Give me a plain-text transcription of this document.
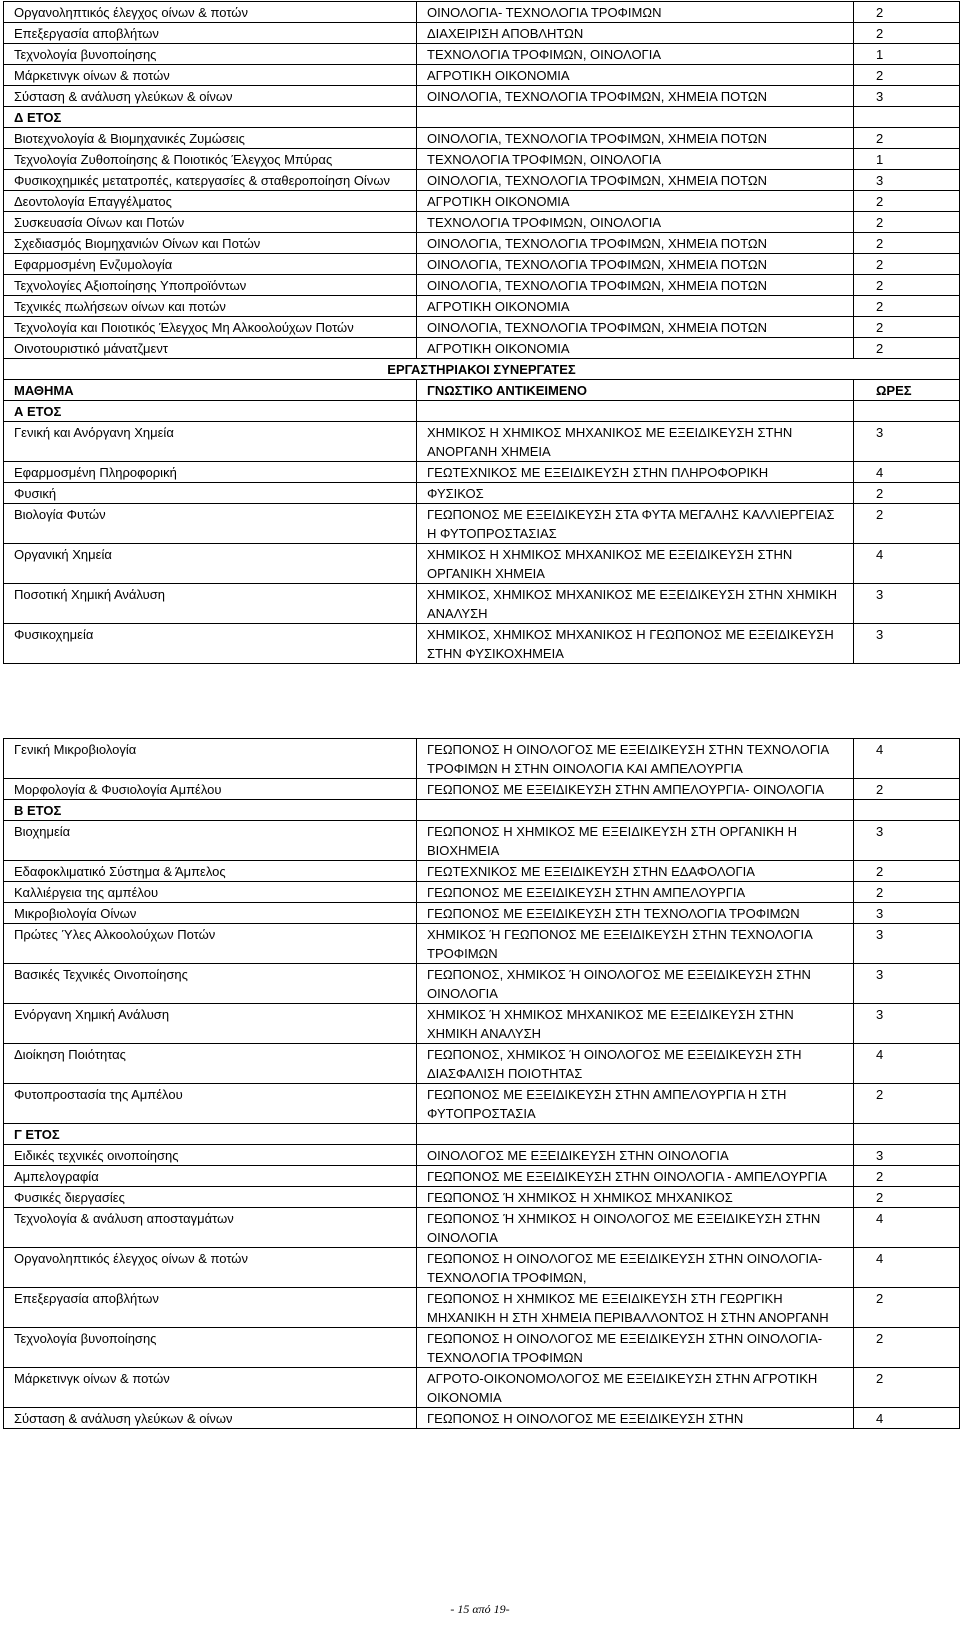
Οργανοληπτικός έλεγχος οίνων & ποτών	ΟΙΝΟΛΟΓΙΑ- ΤΕΧΝΟΛΟΓΙΑ ΤΡΟΦΙΜΩΝ	2
Επεξεργασία αποβλήτων	ΔΙΑΧΕΙΡΙΣΗ ΑΠΟΒΛΗΤΩΝ	2
Τεχνολογία βυνοποίησης	ΤΕΧΝΟΛΟΓΙΑ ΤΡΟΦΙΜΩΝ, ΟΙΝΟΛΟΓΙΑ	1
Μάρκετινγκ οίνων & ποτών	ΑΓΡΟΤΙΚΗ ΟΙΚΟΝΟΜΙΑ	2
Σύσταση & ανάλυση γλεύκων & οίνων	ΟΙΝΟΛΟΓΙΑ, ΤΕΧΝΟΛΟΓΙΑ ΤΡΟΦΙΜΩΝ, ΧΗΜΕΙΑ ΠΟΤΩΝ	3
Δ ΕΤΟΣ		
Βιοτεχνολογία & Βιομηχανικές Ζυμώσεις	ΟΙΝΟΛΟΓΙΑ, ΤΕΧΝΟΛΟΓΙΑ ΤΡΟΦΙΜΩΝ, ΧΗΜΕΙΑ ΠΟΤΩΝ	2
Τεχνολογία Ζυθοποίησης & Ποιοτικός Έλεγχος Μπύρας	ΤΕΧΝΟΛΟΓΙΑ ΤΡΟΦΙΜΩΝ, ΟΙΝΟΛΟΓΙΑ	1
Φυσικοχημικές μετατροπές, κατεργασίες & σταθεροποίηση Οίνων	ΟΙΝΟΛΟΓΙΑ, ΤΕΧΝΟΛΟΓΙΑ ΤΡΟΦΙΜΩΝ, ΧΗΜΕΙΑ ΠΟΤΩΝ	3
Δεοντολογία Επαγγέλματος	ΑΓΡΟΤΙΚΗ ΟΙΚΟΝΟΜΙΑ	2
Συσκευασία Οίνων και Ποτών	ΤΕΧΝΟΛΟΓΙΑ ΤΡΟΦΙΜΩΝ, ΟΙΝΟΛΟΓΙΑ	2
Σχεδιασμός Βιομηχανιών Οίνων και Ποτών	ΟΙΝΟΛΟΓΙΑ, ΤΕΧΝΟΛΟΓΙΑ ΤΡΟΦΙΜΩΝ, ΧΗΜΕΙΑ ΠΟΤΩΝ	2
Εφαρμοσμένη Ενζυμολογία	ΟΙΝΟΛΟΓΙΑ, ΤΕΧΝΟΛΟΓΙΑ ΤΡΟΦΙΜΩΝ, ΧΗΜΕΙΑ ΠΟΤΩΝ	2
Τεχνολογίες Αξιοποίησης Υποπροϊόντων	ΟΙΝΟΛΟΓΙΑ, ΤΕΧΝΟΛΟΓΙΑ ΤΡΟΦΙΜΩΝ, ΧΗΜΕΙΑ ΠΟΤΩΝ	2
Τεχνικές πωλήσεων οίνων και ποτών	ΑΓΡΟΤΙΚΗ ΟΙΚΟΝΟΜΙΑ	2
Τεχνολογία και Ποιοτικός Έλεγχος Μη Αλκοολούχων Ποτών	ΟΙΝΟΛΟΓΙΑ, ΤΕΧΝΟΛΟΓΙΑ ΤΡΟΦΙΜΩΝ, ΧΗΜΕΙΑ ΠΟΤΩΝ	2
Οινοτουριστικό μάνατζμεντ	ΑΓΡΟΤΙΚΗ ΟΙΚΟΝΟΜΙΑ	2
ΕΡΓΑΣΤΗΡΙΑΚΟΙ ΣΥΝΕΡΓΑΤΕΣ		
ΜΑΘΗΜΑ	ΓΝΩΣΤΙΚΟ ΑΝΤΙΚΕΙΜΕΝΟ	ΩΡΕΣ
Α ΕΤΟΣ		
Γενική και Ανόργανη Χημεία	ΧΗΜΙΚΟΣ Η ΧΗΜΙΚΟΣ ΜΗΧΑΝΙΚΟΣ ΜΕ ΕΞΕΙΔΙΚΕΥΣΗ ΣΤΗΝ ΑΝΟΡΓΑΝΗ ΧΗΜΕΙΑ	3
Εφαρμοσμένη Πληροφορική	ΓΕΩΤΕΧΝΙΚΟΣ ΜΕ ΕΞΕΙΔΙΚΕΥΣΗ ΣΤΗΝ ΠΛΗΡΟΦΟΡΙΚΗ	4
Φυσική	ΦΥΣΙΚΟΣ	2
Βιολογία Φυτών	ΓΕΩΠΟΝΟΣ ΜΕ ΕΞΕΙΔΙΚΕΥΣΗ ΣΤΑ ΦΥΤΑ ΜΕΓΑΛΗΣ ΚΑΛΛΙΕΡΓΕΙΑΣ Η ΦΥΤΟΠΡΟΣΤΑΣΙΑΣ	2
Οργανική Χημεία	ΧΗΜΙΚΟΣ Η ΧΗΜΙΚΟΣ ΜΗΧΑΝΙΚΟΣ ΜΕ ΕΞΕΙΔΙΚΕΥΣΗ ΣΤΗΝ ΟΡΓΑΝΙΚΗ ΧΗΜΕΙΑ	4
Ποσοτική Χημική Ανάλυση	ΧΗΜΙΚΟΣ, ΧΗΜΙΚΟΣ ΜΗΧΑΝΙΚΟΣ ΜΕ ΕΞΕΙΔΙΚΕΥΣΗ ΣΤΗΝ ΧΗΜΙΚΗ ΑΝΑΛΥΣΗ	3
Φυσικοχημεία	ΧΗΜΙΚΟΣ, ΧΗΜΙΚΟΣ ΜΗΧΑΝΙΚΟΣ Η ΓΕΩΠΟΝΟΣ ΜΕ ΕΞΕΙΔΙΚΕΥΣΗ ΣΤΗΝ ΦΥΣΙΚΟΧΗΜΕΙΑ	3
Γενική Μικροβιολογία	ΓΕΩΠΟΝΟΣ Η ΟΙΝΟΛΟΓΟΣ ΜΕ ΕΞΕΙΔΙΚΕΥΣΗ ΣΤΗΝ ΤΕΧΝΟΛΟΓΙΑ ΤΡΟΦΙΜΩΝ Η ΣΤΗΝ ΟΙΝΟΛΟΓΙΑ ΚΑΙ ΑΜΠΕΛΟΥΡΓΙΑ	4
Μορφολογία & Φυσιολογία Αμπέλου	ΓΕΩΠΟΝΟΣ ΜΕ ΕΞΕΙΔΙΚΕΥΣΗ ΣΤΗΝ ΑΜΠΕΛΟΥΡΓΙΑ- ΟΙΝΟΛΟΓΙΑ	2
Β ΕΤΟΣ		
Βιοχημεία	ΓΕΩΠΟΝΟΣ Η ΧΗΜΙΚΟΣ ΜΕ ΕΞΕΙΔΙΚΕΥΣΗ ΣΤΗ ΟΡΓΑΝΙΚΗ Η ΒΙΟΧΗΜΕΙΑ	3
Εδαφοκλιματικό Σύστημα & Άμπελος	ΓΕΩΤΕΧΝΙΚΟΣ ΜΕ ΕΞΕΙΔΙΚΕΥΣΗ ΣΤΗΝ ΕΔΑΦΟΛΟΓΙΑ	2
Καλλιέργεια της αμπέλου	ΓΕΩΠΟΝΟΣ ΜΕ ΕΞΕΙΔΙΚΕΥΣΗ ΣΤΗΝ ΑΜΠΕΛΟΥΡΓΙΑ	2
Μικροβιολογία Οίνων	ΓΕΩΠΟΝΟΣ ΜΕ ΕΞΕΙΔΙΚΕΥΣΗ ΣΤΗ ΤΕΧΝΟΛΟΓΙΑ ΤΡΟΦΙΜΩΝ	3
Πρώτες Ύλες Αλκοολούχων Ποτών	ΧΗΜΙΚΟΣ Ή ΓΕΩΠΟΝΟΣ ΜΕ ΕΞΕΙΔΙΚΕΥΣΗ ΣΤΗΝ ΤΕΧΝΟΛΟΓΙΑ ΤΡΟΦΙΜΩΝ	3
Βασικές Τεχνικές Οινοποίησης	ΓΕΩΠΟΝΟΣ, ΧΗΜΙΚΟΣ Ή ΟΙΝΟΛΟΓΟΣ ΜΕ ΕΞΕΙΔΙΚΕΥΣΗ ΣΤΗΝ ΟΙΝΟΛΟΓΙΑ	3
Ενόργανη Χημική Ανάλυση	ΧΗΜΙΚΟΣ Ή ΧΗΜΙΚΟΣ ΜΗΧΑΝΙΚΟΣ ΜΕ ΕΞΕΙΔΙΚΕΥΣΗ ΣΤΗΝ ΧΗΜΙΚΗ ΑΝΑΛΥΣΗ	3
Διοίκηση Ποιότητας	ΓΕΩΠΟΝΟΣ, ΧΗΜΙΚΟΣ Ή ΟΙΝΟΛΟΓΟΣ ΜΕ ΕΞΕΙΔΙΚΕΥΣΗ ΣΤΗ ΔΙΑΣΦΑΛΙΣΗ ΠΟΙΟΤΗΤΑΣ	4
Φυτοπροστασία της Αμπέλου	ΓΕΩΠΟΝΟΣ ΜΕ ΕΞΕΙΔΙΚΕΥΣΗ ΣΤΗΝ ΑΜΠΕΛΟΥΡΓΙΑ Η ΣΤΗ ΦΥΤΟΠΡΟΣΤΑΣΙΑ	2
Γ ΕΤΟΣ		
Ειδικές τεχνικές οινοποίησης	ΟΙΝΟΛΟΓΟΣ ΜΕ ΕΞΕΙΔΙΚΕΥΣΗ ΣΤΗΝ ΟΙΝΟΛΟΓΙΑ	3
Αμπελογραφία	ΓΕΩΠΟΝΟΣ ΜΕ ΕΞΕΙΔΙΚΕΥΣΗ ΣΤΗΝ ΟΙΝΟΛΟΓΙΑ - ΑΜΠΕΛΟΥΡΓΙΑ	2
Φυσικές διεργασίες	ΓΕΩΠΟΝΟΣ Ή ΧΗΜΙΚΟΣ Η ΧΗΜΙΚΟΣ ΜΗΧΑΝΙΚΟΣ	2
Τεχνολογία & ανάλυση αποσταγμάτων	ΓΕΩΠΟΝΟΣ Ή ΧΗΜΙΚΟΣ Η ΟΙΝΟΛΟΓΟΣ ΜΕ ΕΞΕΙΔΙΚΕΥΣΗ ΣΤΗΝ ΟΙΝΟΛΟΓΙΑ	4
Οργανοληπτικός έλεγχος οίνων & ποτών	ΓΕΩΠΟΝΟΣ Η ΟΙΝΟΛΟΓΟΣ ΜΕ ΕΞΕΙΔΙΚΕΥΣΗ ΣΤΗΝ ΟΙΝΟΛΟΓΙΑ- ΤΕΧΝΟΛΟΓΙΑ ΤΡΟΦΙΜΩΝ,	4
Επεξεργασία αποβλήτων	ΓΕΩΠΟΝΟΣ Η ΧΗΜΙΚΟΣ ΜΕ ΕΞΕΙΔΙΚΕΥΣΗ ΣΤΗ ΓΕΩΡΓΙΚΗ ΜΗΧΑΝΙΚΗ Η ΣΤΗ ΧΗΜΕΙΑ ΠΕΡΙΒΑΛΛΟΝΤΟΣ Η ΣΤΗΝ ΑΝΟΡΓΑΝΗ	2
Τεχνολογία βυνοποίησης	ΓΕΩΠΟΝΟΣ Η ΟΙΝΟΛΟΓΟΣ ΜΕ ΕΞΕΙΔΙΚΕΥΣΗ ΣΤΗΝ ΟΙΝΟΛΟΓΙΑ- ΤΕΧΝΟΛΟΓΙΑ ΤΡΟΦΙΜΩΝ	2
Μάρκετινγκ οίνων & ποτών	ΑΓΡΟΤΟ-ΟΙΚΟΝΟΜΟΛΟΓΟΣ ΜΕ ΕΞΕΙΔΙΚΕΥΣΗ ΣΤΗΝ ΑΓΡΟΤΙΚΗ ΟΙΚΟΝΟΜΙΑ	2
Σύσταση & ανάλυση γλεύκων & οίνων	ΓΕΩΠΟΝΟΣ Η ΟΙΝΟΛΟΓΟΣ ΜΕ ΕΞΕΙΔΙΚΕΥΣΗ ΣΤΗΝ	4
- 15 από 19-
